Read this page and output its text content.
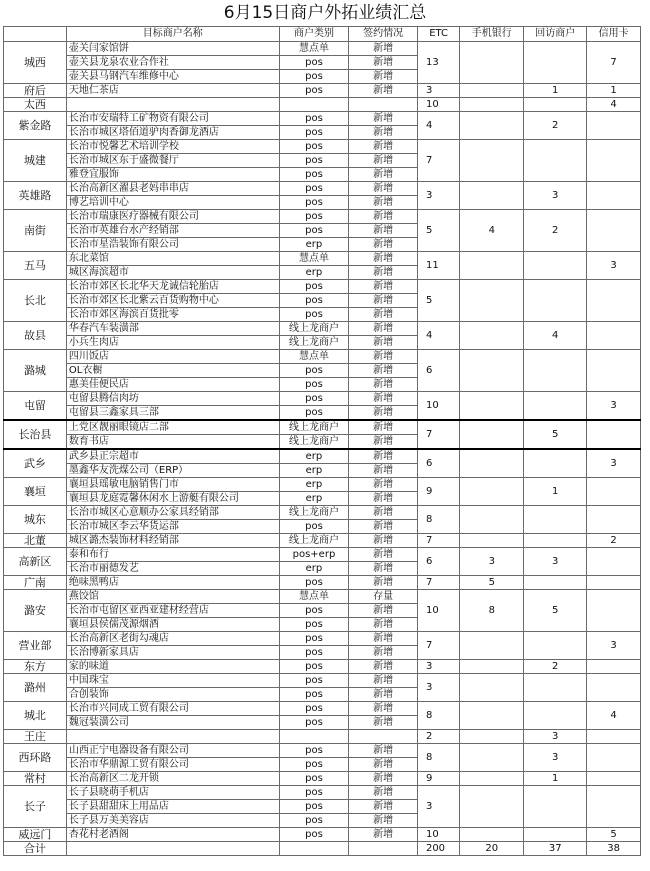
6月15日商户外拓业绩汇总
	目标商户名称	商户类别	签约情况	ETC	手机银行	回访商户	信用卡
城西	壶关闫家馆饼	慧点单	新增	13			7
	壶关县龙泉农业合作社	pos	新增				
	壶关县马钢汽车维修中心	pos	新增				
府后	天地仁茶店	pos	新增	3		1	1
太西				10			4
紫金路	长治市安瑞特工矿物资有限公司	pos	新增	4		2	
	长治市城区塔佰道驴肉香御龙酒店	pos	新增				
城建	长治市悦馨艺术培训学校	pos	新增	7			
	长治市城区东于盛微餐厅	pos	新增				
	雅登宜服饰	pos	新增				
英雄路	长治高新区濯县老妈串串店	pos	新增	3		3	
	博艺培训中心	pos	新增				
南街	长治市瑞康医疗器械有限公司	pos	新增	5	4	2	
	长治市英雄台水产经销部	pos	新增				
	长治市星浩装饰有限公司	erp	新增				
五马	东北菜馆	慧点单	新增	11			3
	城区海滨超市	erp	新增				
长北	长治市郊区长北华天龙诚信轮胎店	pos	新增	5			
	长治市郊区长北紫云百货购物中心	pos	新增				
	长治市郊区海滨百货批零	pos	新增				
故县	华春汽车装潢部	线上龙商户	新增	4		4	
	小兵生肉店	线上龙商户	新增				
潞城	四川饭店	慧点单	新增	6			
	OL衣橱	pos	新增				
	惠美佳便民店	pos	新增				
屯留	屯留县腾信肉坊	pos	新增	10			3
	屯留县三鑫家具三部	pos	新增				
长治县	上党区靓丽眼镜店二部	线上龙商户	新增	7		5	
	数育书店	线上龙商户	新增				
武乡	武乡县正宗超市	erp	新增	6			3
	墨鑫华友洗煤公司（ERP）	erp	新增				
襄垣	襄垣县瑶敏电脑销售门市	erp	新增	9		1	
	襄垣县龙庭霓馨休闲水上游艇有限公司	erp	新增				
城东	长治市城区心意顺办公家具经销部	线上龙商户	新增	8			
	长治市城区李云华货运部	pos	新增				
北董	城区潞杰装饰材料经销部	线上龙商户	新增	7			2
高新区	泰和布行	pos+erp	新增	6	3	3	
	长治市丽德发艺	erp	新增				
广南	绝味黑鸭店	pos	新增	7	5		
潞安	燕饺馆	慧点单	存量	10	8	5	
	长治市屯留区亚西亚建材经营店	pos	新增				
	襄垣县侯儒茂源烟酒	pos	新增				
营业部	长治高新区老街勾魂店	pos	新增	7			3
	长治博新家具店	pos	新增				
东方	家的味道	pos	新增	3		2	
潞州	中国珠宝	pos	新增	3			
	合创装饰	pos	新增				
城北	长治市兴同成工贸有限公司	pos	新增	8			4
	魏冠装潢公司	pos	新增				
王庄				2		3	
西环路	山西正宁电器设备有限公司	pos	新增	8		3	
	长治市华鼎源工贸有限公司	pos	新增				
常村	长治高新区二龙开锁	pos	新增	9		1	
长子	长子县晓萌手机店	pos	新增	3			
	长子县甜甜床上用品店	pos	新增				
	长子县万美美容店	pos	新增				
威远门	杏花村老酒阁	pos	新增	10			5
合计				200	20	37	38
